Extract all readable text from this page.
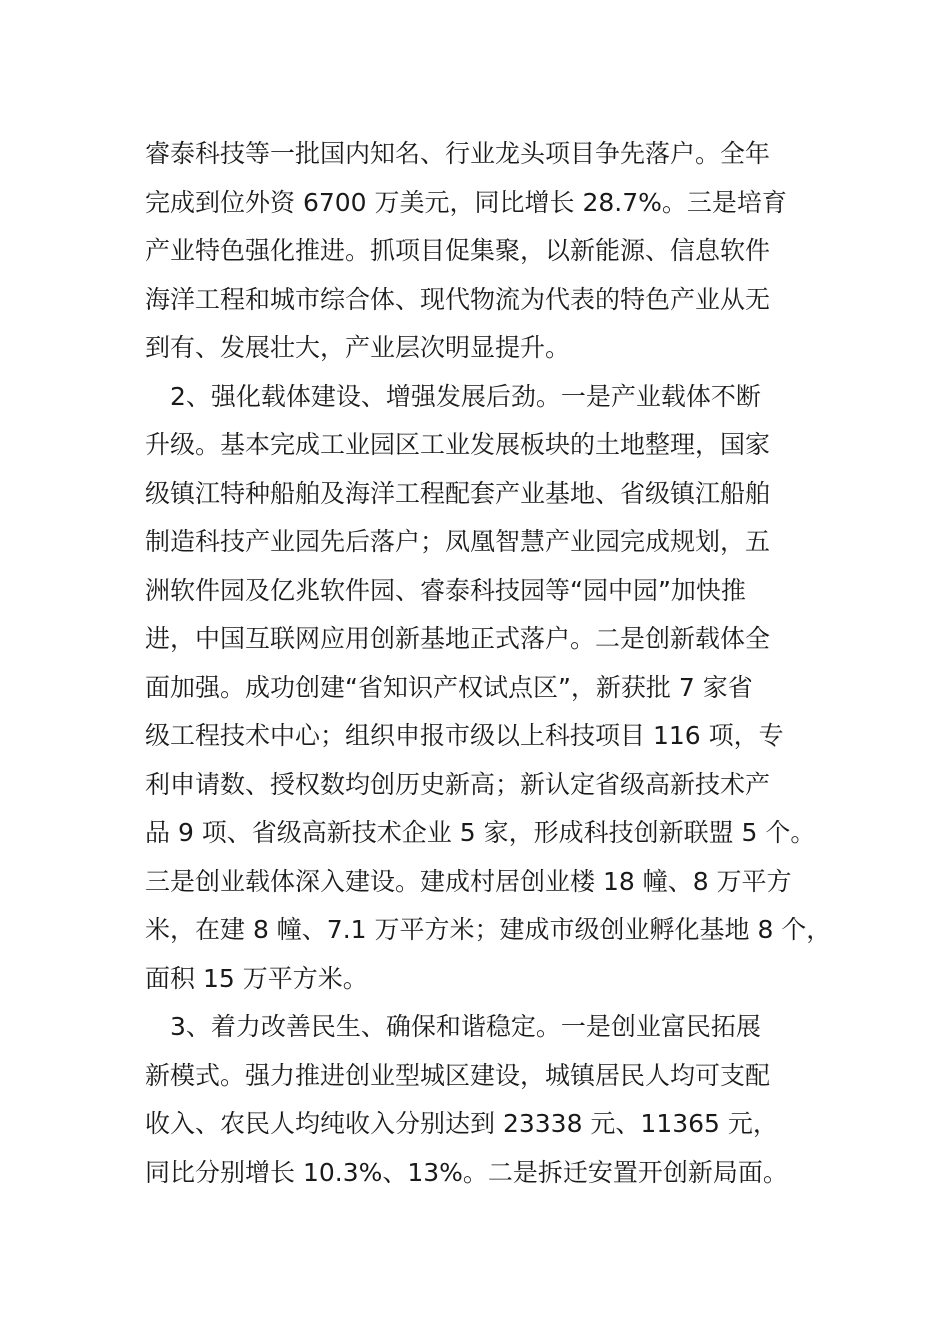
睿泰科技等一批国内知名、行业龙头项目争先落户。全年
完成到位外资 6700 万美元，同比增长 28.7%。三是培育
产业特色强化推进。抓项目促集聚，以新能源、信息软件
海洋工程和城市综合体、现代物流为代表的特色产业从无
到有、发展壮大，产业层次明显提升。
　2、强化载体建设、增强发展后劲。一是产业载体不断
升级。基本完成工业园区工业发展板块的土地整理，国家
级镇江特种船舶及海洋工程配套产业基地、省级镇江船舶
制造科技产业园先后落户；凤凰智慧产业园完成规划，五
洲软件园及亿兆软件园、睿泰科技园等“园中园”加快推
进，中国互联网应用创新基地正式落户。二是创新载体全
面加强。成功创建“省知识产权试点区”，新获批 7 家省
级工程技术中心；组织申报市级以上科技项目 116 项，专
利申请数、授权数均创历史新高；新认定省级高新技术产
品 9 项、省级高新技术企业 5 家，形成科技创新联盟 5 个。
三是创业载体深入建设。建成村居创业楼 18 幢、8 万平方
米，在建 8 幢、7.1 万平方米；建成市级创业孵化基地 8 个，
面积 15 万平方米。
　3、着力改善民生、确保和谐稳定。一是创业富民拓展
新模式。强力推进创业型城区建设，城镇居民人均可支配
收入、农民人均纯收入分别达到 23338 元、11365 元，
同比分别增长 10.3%、13%。二是拆迁安置开创新局面。
